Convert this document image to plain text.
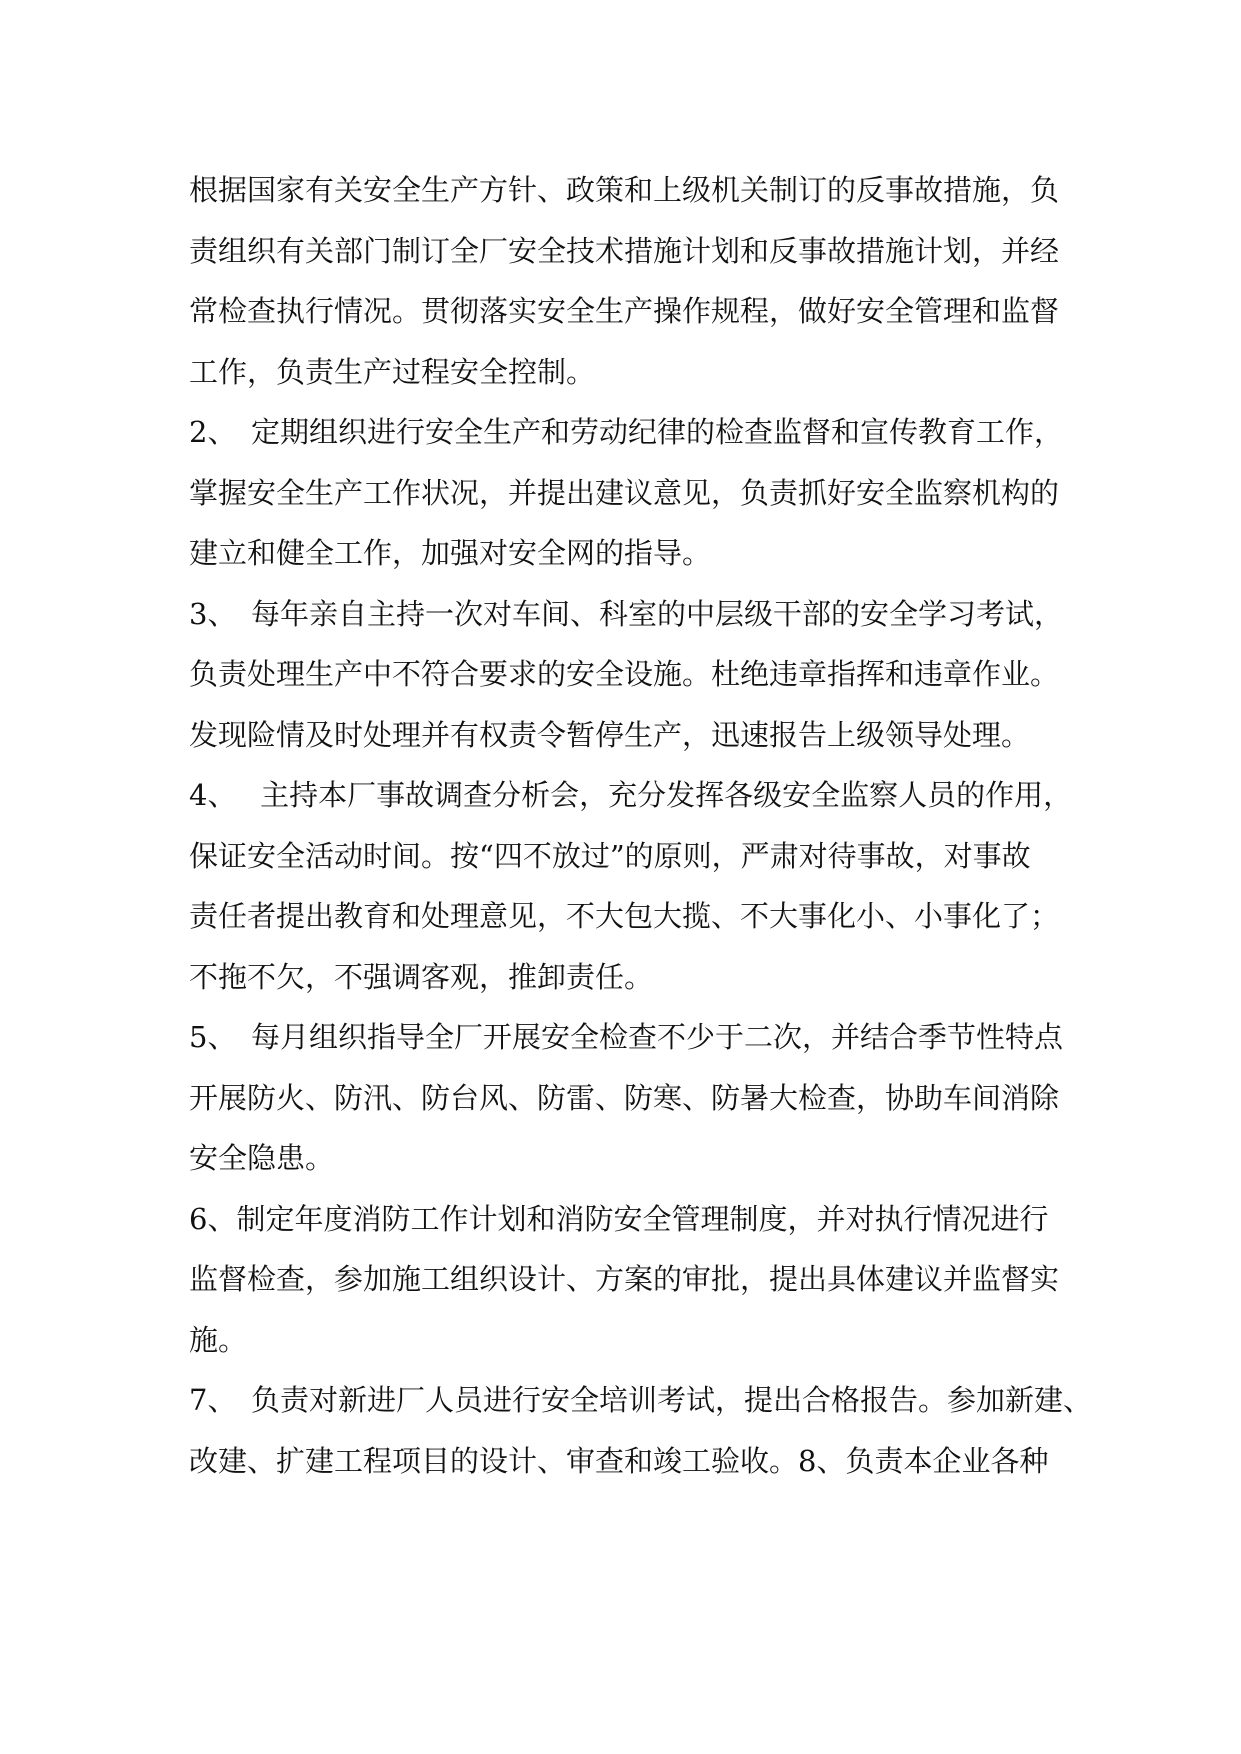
根据国家有关安全生产方针、政策和上级机关制订的反事故措施，负
责组织有关部门制订全厂安全技术措施计划和反事故措施计划，并经
常检查执行情况。贯彻落实安全生产操作规程，做好安全管理和监督
工作，负责生产过程安全控制。
2、　定期组织进行安全生产和劳动纪律的检查监督和宣传教育工作，
掌握安全生产工作状况，并提出建议意见，负责抓好安全监察机构的
建立和健全工作，加强对安全网的指导。
3、　每年亲自主持一次对车间、科室的中层级干部的安全学习考试，
负责处理生产中不符合要求的安全设施。杜绝违章指挥和违章作业。
发现险情及时处理并有权责令暂停生产，迅速报告上级领导处理。
4、　 主持本厂事故调查分析会，充分发挥各级安全监察人员的作用，
保证安全活动时间。按“四不放过”的原则，严肃对待事故，对事故
责任者提出教育和处理意见，不大包大揽、不大事化小、小事化了；
不拖不欠，不强调客观，推卸责任。
5、　每月组织指导全厂开展安全检查不少于二次，并结合季节性特点
开展防火、防汛、防台风、防雷、防寒、防暑大检查，协助车间消除
安全隐患。
6、制定年度消防工作计划和消防安全管理制度，并对执行情况进行
监督检查，参加施工组织设计、方案的审批，提出具体建议并监督实
施。
7、　负责对新进厂人员进行安全培训考试，提出合格报告。参加新建、
改建、扩建工程项目的设计、审查和竣工验收。8、负责本企业各种
